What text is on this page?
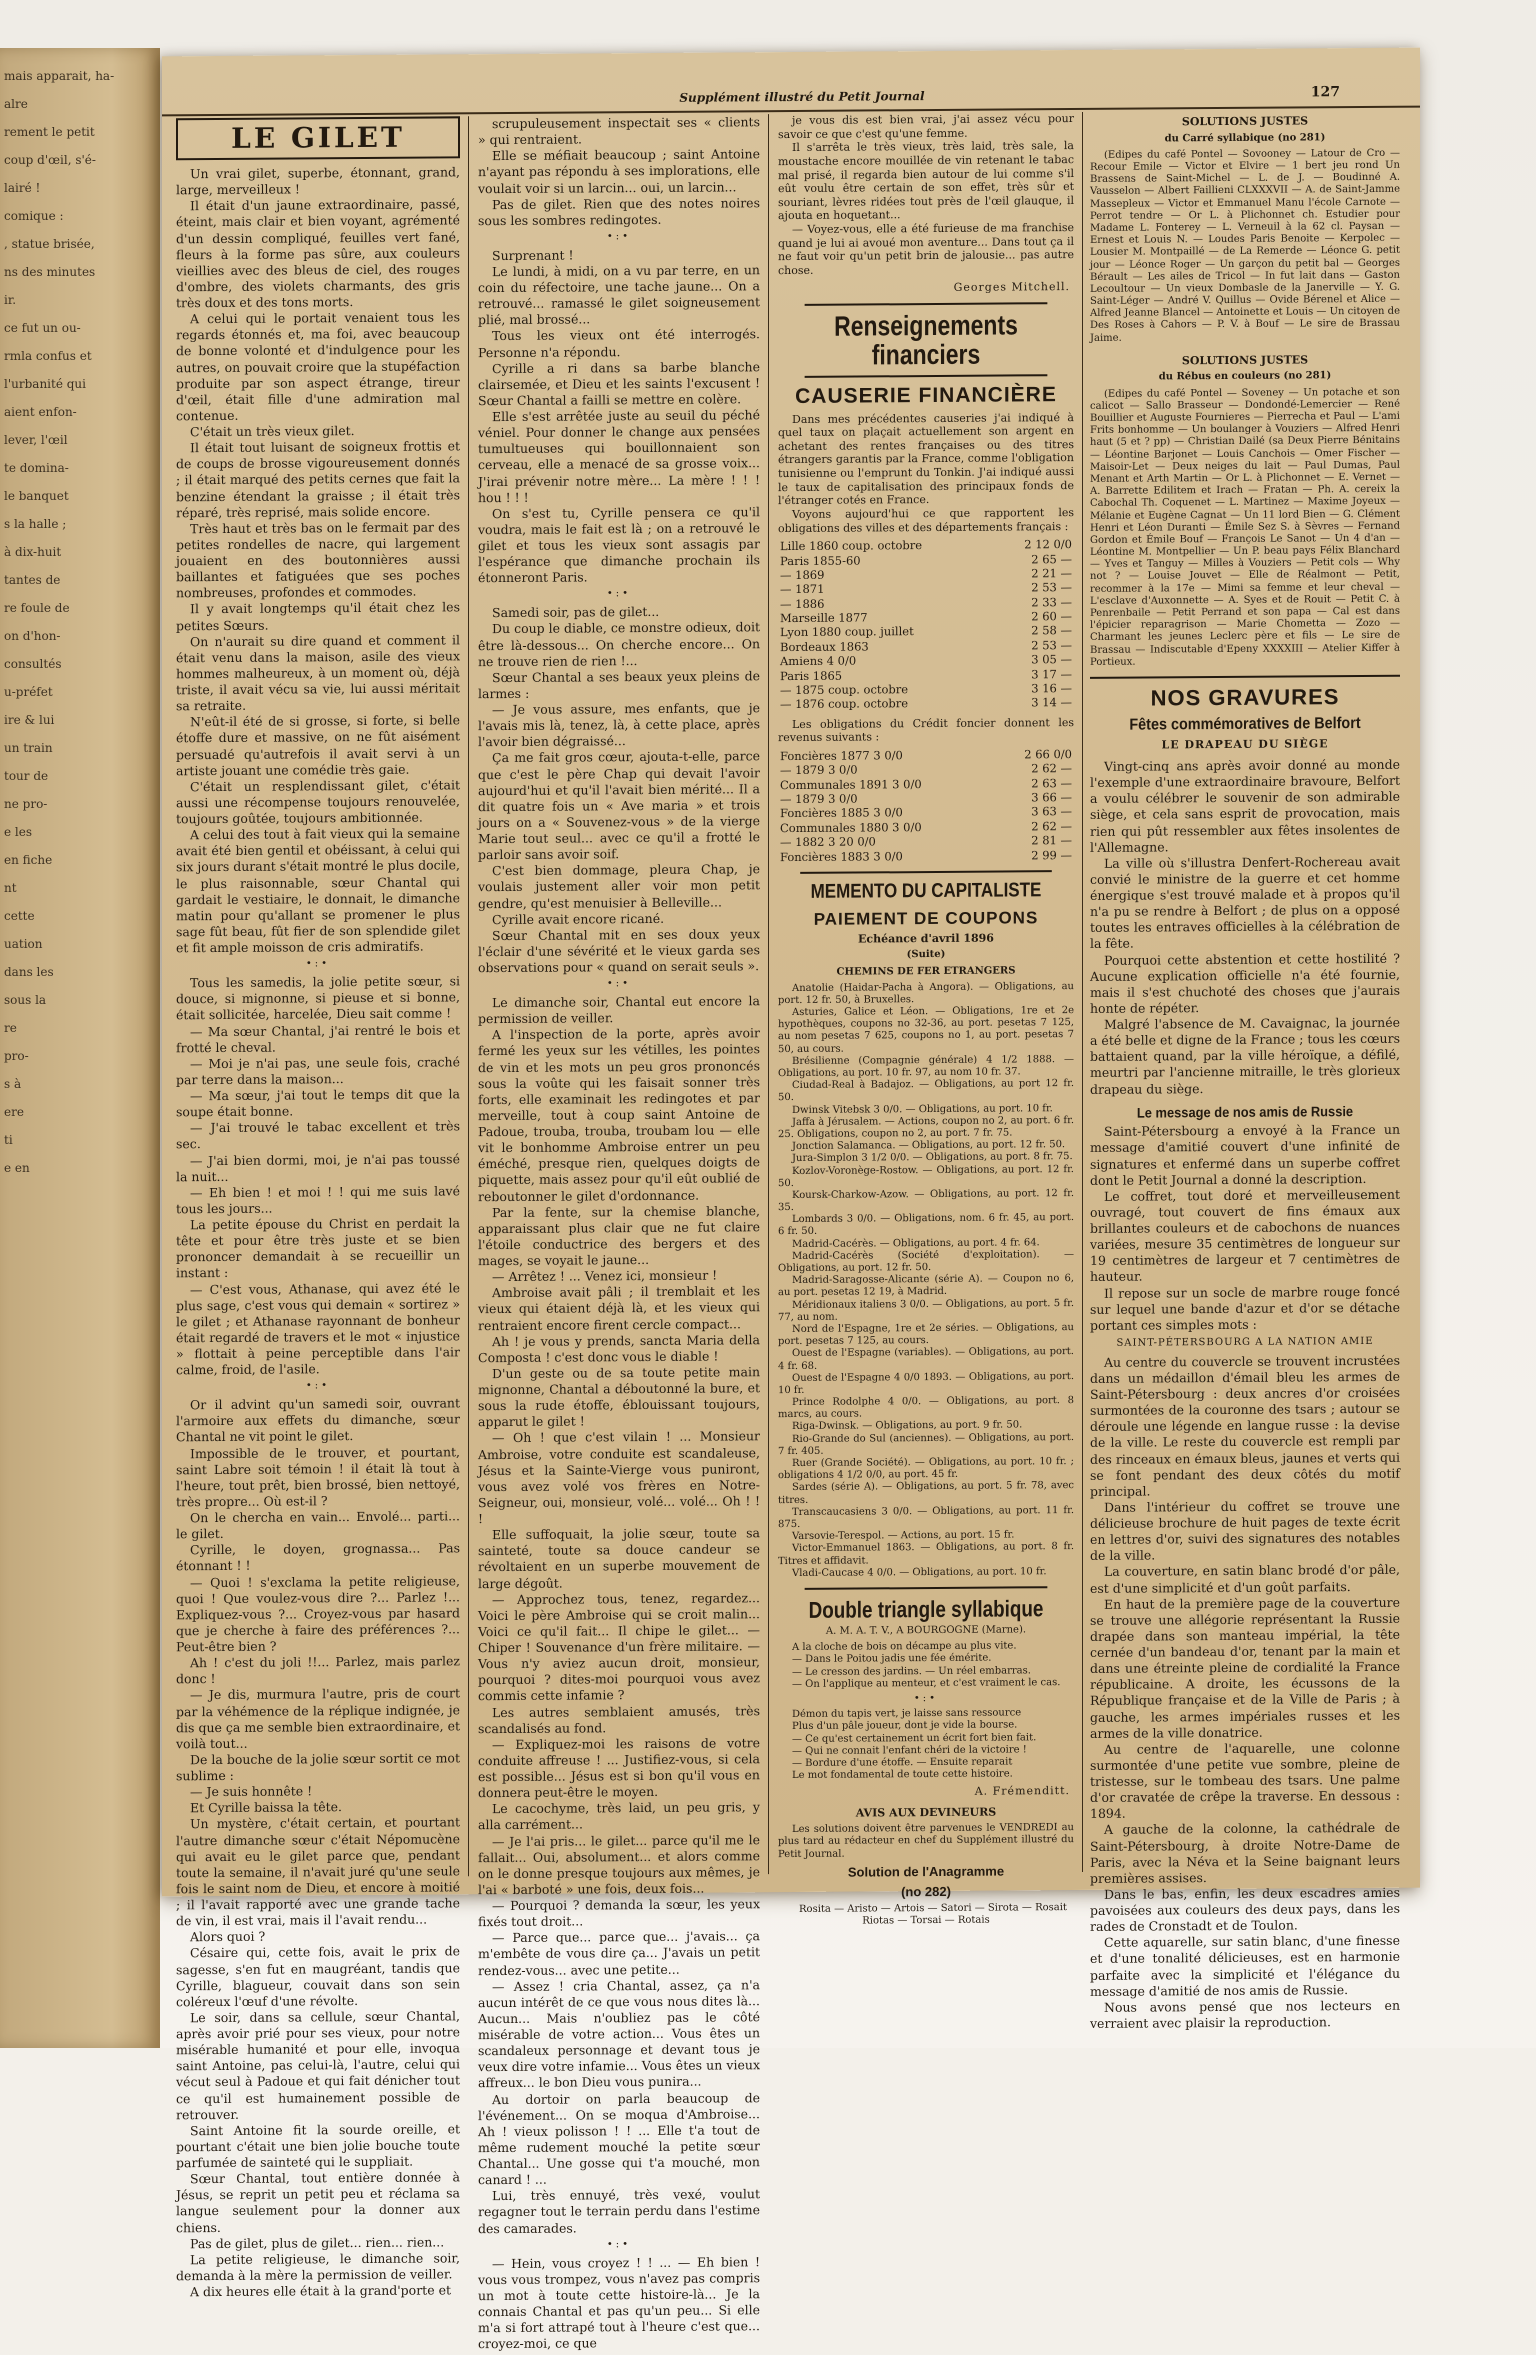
mais apparait, ha-
alre
rement le petit
coup d'œil, s'é-
lairé !
comique :
, statue brisée,
ns des minutes
ir.
ce fut un ou-
rmla confus et
l'urbanité qui
aient enfon-
lever, l'œil
te domina-
le banquet
s la halle ;
à dix-huit
tantes de
re foule de
on d'hon-
consultés
u-préfet
ire & lui
un train
tour de
ne pro-
e les
en fiche
nt
cette
uation
dans les
sous la
re
pro-
s à
ere
ti
e en
Supplément illustré du Petit Journal	127
LE GILET

Un vrai gilet, superbe, étonnant, grand, large, merveilleux !

Il était d'un jaune extraordinaire, passé, éteint, mais clair et bien voyant, agrémenté d'un dessin compliqué, feuilles vert fané, fleurs à la forme pas sûre, aux couleurs vieillies avec des bleus de ciel, des rouges d'ombre, des violets charmants, des gris très doux et des tons morts.

A celui qui le portait venaient tous les regards étonnés et, ma foi, avec beaucoup de bonne volonté et d'indulgence pour les autres, on pouvait croire que la stupéfaction produite par son aspect étrange, tireur d'œil, était fille d'une admiration mal contenue.

C'était un très vieux gilet.

Il était tout luisant de soigneux frottis et de coups de brosse vigoureusement donnés ; il était marqué des petits cernes que fait la benzine étendant la graisse ; il était très réparé, très reprisé, mais solide encore.

Très haut et très bas on le fermait par des petites rondelles de nacre, qui largement jouaient en des boutonnières aussi baillantes et fatiguées que ses poches nombreuses, profondes et commodes.

Il y avait longtemps qu'il était chez les petites Sœurs.

On n'aurait su dire quand et comment il était venu dans la maison, asile des vieux hommes malheureux, à un moment où, déjà triste, il avait vécu sa vie, lui aussi méritait sa retraite.

N'eût-il été de si grosse, si forte, si belle étoffe dure et massive, on ne fût aisément persuadé qu'autrefois il avait servi à un artiste jouant une comédie très gaie.

C'était un resplendissant gilet, c'était aussi une récompense toujours renouvelée, toujours goûtée, toujours ambitionnée.

A celui des tout à fait vieux qui la semaine avait été bien gentil et obéissant, à celui qui six jours durant s'était montré le plus docile, le plus raisonnable, sœur Chantal qui gardait le vestiaire, le donnait, le dimanche matin pour qu'allant se promener le plus sage fût beau, fût fier de son splendide gilet et fit ample moisson de cris admiratifs.

•:•

Tous les samedis, la jolie petite sœur, si douce, si mignonne, si pieuse et si bonne, était sollicitée, harcelée, Dieu sait comme !

— Ma sœur Chantal, j'ai rentré le bois et frotté le cheval.

— Moi je n'ai pas, une seule fois, craché par terre dans la maison...

— Ma sœur, j'ai tout le temps dit que la soupe était bonne.

— J'ai trouvé le tabac excellent et très sec.

— J'ai bien dormi, moi, je n'ai pas toussé la nuit...

— Eh bien ! et moi ! ! qui me suis lavé tous les jours...

La petite épouse du Christ en perdait la tête et pour être très juste et se bien prononcer demandait à se recueillir un instant :

— C'est vous, Athanase, qui avez été le plus sage, c'est vous qui demain « sortirez » le gilet ; et Athanase rayonnant de bonheur était regardé de travers et le mot « injustice » flottait à peine perceptible dans l'air calme, froid, de l'asile.

•:•

Or il advint qu'un samedi soir, ouvrant l'armoire aux effets du dimanche, sœur Chantal ne vit point le gilet.

Impossible de le trouver, et pourtant, saint Labre soit témoin ! il était là tout à l'heure, tout prêt, bien brossé, bien nettoyé, très propre... Où est-il ?

On le chercha en vain... Envolé... parti... le gilet.

Cyrille, le doyen, grognassa... Pas étonnant ! !

— Quoi ! s'exclama la petite religieuse, quoi ! Que voulez-vous dire ?... Parlez !... Expliquez-vous ?... Croyez-vous par hasard que je cherche à faire des préférences ?... Peut-être bien ?

Ah ! c'est du joli !!... Parlez, mais parlez donc !

— Je dis, murmura l'autre, pris de court par la véhémence de la réplique indignée, je dis que ça me semble bien extraordinaire, et voilà tout...

De la bouche de la jolie sœur sortit ce mot sublime :

— Je suis honnête !

Et Cyrille baissa la tête.

Un mystère, c'était certain, et pourtant l'autre dimanche sœur c'était Népomucène qui avait eu le gilet parce que, pendant toute la semaine, il n'avait juré qu'une seule fois le saint nom de Dieu, et encore à moitié ; il l'avait rapporté avec une grande tache de vin, il est vrai, mais il l'avait rendu...

Alors quoi ?

Césaire qui, cette fois, avait le prix de sagesse, s'en fut en maugréant, tandis que Cyrille, blagueur, couvait dans son sein coléreux l'œuf d'une révolte.

Le soir, dans sa cellule, sœur Chantal, après avoir prié pour ses vieux, pour notre misérable humanité et pour elle, invoqua saint Antoine, pas celui-là, l'autre, celui qui vécut seul à Padoue et qui fait dénicher tout ce qu'il est humainement possible de retrouver.

Saint Antoine fit la sourde oreille, et pourtant c'était une bien jolie bouche toute parfumée de sainteté qui le suppliait.

Sœur Chantal, tout entière donnée à Jésus, se reprit un petit peu et réclama sa langue seulement pour la donner aux chiens.

Pas de gilet, plus de gilet... rien... rien...

La petite religieuse, le dimanche soir, demanda à la mère la permission de veiller.

A dix heures elle était à la grand'porte et

scrupuleusement inspectait ses « clients » qui rentraient.

Elle se méfiait beaucoup ; saint Antoine n'ayant pas répondu à ses implorations, elle voulait voir si un larcin... oui, un larcin...

Pas de gilet. Rien que des notes noires sous les sombres redingotes.

•:•

Surprenant !

Le lundi, à midi, on a vu par terre, en un coin du réfectoire, une tache jaune... On a retrouvé... ramassé le gilet soigneusement plié, mal brossé...

Tous les vieux ont été interrogés. Personne n'a répondu.

Cyrille a ri dans sa barbe blanche clairsemée, et Dieu et les saints l'excusent ! Sœur Chantal a failli se mettre en colère.

Elle s'est arrêtée juste au seuil du péché véniel. Pour donner le change aux pensées tumultueuses qui bouillonnaient son cerveau, elle a menacé de sa grosse voix... J'irai prévenir notre mère... La mère ! ! ! hou ! ! !

On s'est tu, Cyrille pensera ce qu'il voudra, mais le fait est là ; on a retrouvé le gilet et tous les vieux sont assagis par l'espérance que dimanche prochain ils étonneront Paris.

•:•

Samedi soir, pas de gilet...

Du coup le diable, ce monstre odieux, doit être là-dessous... On cherche encore... On ne trouve rien de rien !...

Sœur Chantal a ses beaux yeux pleins de larmes :

— Je vous assure, mes enfants, que je l'avais mis là, tenez, là, à cette place, après l'avoir bien dégraissé...

Ça me fait gros cœur, ajouta-t-elle, parce que c'est le père Chap qui devait l'avoir aujourd'hui et qu'il l'avait bien mérité... Il a dit quatre fois un « Ave maria » et trois jours on a « Souvenez-vous » de la vierge Marie tout seul... avec ce qu'il a frotté le parloir sans avoir soif.

C'est bien dommage, pleura Chap, je voulais justement aller voir mon petit gendre, qu'est menuisier à Belleville...

Cyrille avait encore ricané.

Sœur Chantal mit en ses doux yeux l'éclair d'une sévérité et le vieux garda ses observations pour « quand on serait seuls ».

•:•

Le dimanche soir, Chantal eut encore la permission de veiller.

A l'inspection de la porte, après avoir fermé les yeux sur les vétilles, les pointes de vin et les mots un peu gros prononcés sous la voûte qui les faisait sonner très forts, elle examinait les redingotes et par merveille, tout à coup saint Antoine de Padoue, trouba, trouba, troubam lou — elle vit le bonhomme Ambroise entrer un peu éméché, presque rien, quelques doigts de piquette, mais assez pour qu'il eût oublié de reboutonner le gilet d'ordonnance.

Par la fente, sur la chemise blanche, apparaissant plus clair que ne fut claire l'étoile conductrice des bergers et des mages, se voyait le jaune...

— Arrêtez ! ... Venez ici, monsieur !

Ambroise avait pâli ; il tremblait et les vieux qui étaient déjà là, et les vieux qui rentraient encore firent cercle compact...

Ah ! je vous y prends, sancta Maria della Composta ! c'est donc vous le diable !

D'un geste ou de sa toute petite main mignonne, Chantal a déboutonné la bure, et sous la rude étoffe, éblouissant toujours, apparut le gilet !

— Oh ! que c'est vilain ! ... Monsieur Ambroise, votre conduite est scandaleuse, Jésus et la Sainte-Vierge vous puniront, vous avez volé vos frères en Notre-Seigneur, oui, monsieur, volé... volé... Oh ! ! !

Elle suffoquait, la jolie sœur, toute sa sainteté, toute sa douce candeur se révoltaient en un superbe mouvement de large dégoût.

— Approchez tous, tenez, regardez... Voici le père Ambroise qui se croit malin... Voici ce qu'il fait... Il chipe le gilet... — Chiper ! Souvenance d'un frère militaire. — Vous n'y aviez aucun droit, monsieur, pourquoi ? dites-moi pourquoi vous avez commis cette infamie ?

Les autres semblaient amusés, très scandalisés au fond.

— Expliquez-moi les raisons de votre conduite affreuse ! ... Justifiez-vous, si cela est possible... Jésus est si bon qu'il vous en donnera peut-être le moyen.

Le cacochyme, très laid, un peu gris, y alla carrément...

— Je l'ai pris... le gilet... parce qu'il me le fallait... Oui, absolument... et alors comme on le donne presque toujours aux mêmes, je l'ai « barboté » une fois, deux fois...

— Pourquoi ? demanda la sœur, les yeux fixés tout droit...

— Parce que... parce que... j'avais... ça m'embête de vous dire ça... J'avais un petit rendez-vous... avec une petite...

— Assez ! cria Chantal, assez, ça n'a aucun intérêt de ce que vous nous dites là... Aucun... Mais n'oubliez pas le côté misérable de votre action... Vous êtes un scandaleux personnage et devant tous je veux dire votre infamie... Vous êtes un vieux affreux... le bon Dieu vous punira...

Au dortoir on parla beaucoup de l'événement... On se moqua d'Ambroise... Ah ! vieux polisson ! ! ... Elle t'a tout de même rudement mouché la petite sœur Chantal... Une gosse qui t'a mouché, mon canard ! ...

Lui, très ennuyé, très vexé, voulut regagner tout le terrain perdu dans l'estime des camarades.

•:•

— Hein, vous croyez ! ! ... — Eh bien ! vous vous trompez, vous n'avez pas compris un mot à toute cette histoire-là... Je la connais Chantal et pas qu'un peu... Si elle m'a si fort attrapé tout à l'heure c'est que... croyez-moi, ce que

je vous dis est bien vrai, j'ai assez vécu pour savoir ce que c'est qu'une femme.

Il s'arrêta le très vieux, très laid, très sale, la moustache encore mouillée de vin retenant le tabac mal prisé, il regarda bien autour de lui comme s'il eût voulu être certain de son effet, très sûr et souriant, lèvres ridées tout près de l'œil glauque, il ajouta en hoquetant...

— Voyez-vous, elle a été furieuse de ma franchise quand je lui ai avoué mon aventure... Dans tout ça il ne faut voir qu'un petit brin de jalousie... pas autre chose.

Georges Mitchell.
Renseignements financiers
CAUSERIE FINANCIÈRE

Dans mes précédentes causeries j'ai indiqué à quel taux on plaçait actuellement son argent en achetant des rentes françaises ou des titres étrangers garantis par la France, comme l'obligation tunisienne ou l'emprunt du Tonkin. J'ai indiqué aussi le taux de capitalisation des principaux fonds de l'étranger cotés en France.

Voyons aujourd'hui ce que rapportent les obligations des villes et des départements français :

Lille 1860 coup. octobre	2 12 0/0
Paris 1855-60	2 65 —
— 1869	2 21 —
— 1871	2 53 —
— 1886	2 33 —
Marseille 1877	2 60 —
Lyon 1880 coup. juillet	2 58 —
Bordeaux 1863	2 53 —
Amiens 4 0/0	3 05 —
Paris 1865	3 17 —
— 1875 coup. octobre	3 16 —
— 1876 coup. octobre	3 14 —

Les obligations du Crédit foncier donnent les revenus suivants :

Foncières 1877 3 0/0	2 66 0/0
— 1879 3 0/0	2 62 —
Communales 1891 3 0/0	2 63 —
— 1879 3 0/0	3 66 —
Foncières 1885 3 0/0	3 63 —
Communales 1880 3 0/0	2 62 —
— 1882 3 20 0/0	2 81 —
Foncières 1883 3 0/0	2 99 —
MEMENTO DU CAPITALISTE
PAIEMENT DE COUPONS
Echéance d'avril 1896
(Suite)
CHEMINS DE FER ETRANGERS

Anatolie (Haidar-Pacha à Angora). — Obligations, au port. 12 fr. 50, à Bruxelles.

Asturies, Galice et Léon. — Obligations, 1re et 2e hypothèques, coupons no 32-36, au port. pesetas 7 125, au nom pesetas 7 625, coupons no 1, au port. pesetas 7 50, au cours.

Brésilienne (Compagnie générale) 4 1/2 1888. — Obligations, au port. 10 fr. 97, au nom 10 fr. 37.

Ciudad-Real à Badajoz. — Obligations, au port 12 fr. 50.

Dwinsk Vitebsk 3 0/0. — Obligations, au port. 10 fr.

Jaffa à Jérusalem. — Actions, coupon no 2, au port. 6 fr. 25. Obligations, coupon no 2, au port. 7 fr. 75.

Jonction Salamanca. — Obligations, au port. 12 fr. 50.

Jura-Simplon 3 1/2 0/0. — Obligations, au port. 8 fr. 75.

Kozlov-Voronège-Rostow. — Obligations, au port. 12 fr. 50.

Koursk-Charkow-Azow. — Obligations, au port. 12 fr. 35.

Lombards 3 0/0. — Obligations, nom. 6 fr. 45, au port. 6 fr. 50.

Madrid-Cacérès. — Obligations, au port. 4 fr. 64.

Madrid-Cacérès (Société d'exploitation). — Obligations, au port. 12 fr. 50.

Madrid-Saragosse-Alicante (série A). — Coupon no 6, au port. pesetas 12 19, à Madrid.

Méridionaux italiens 3 0/0. — Obligations, au port. 5 fr. 77, au nom.

Nord de l'Espagne, 1re et 2e séries. — Obligations, au port. pesetas 7 125, au cours.

Ouest de l'Espagne (variables). — Obligations, au port. 4 fr. 68.

Ouest de l'Espagne 4 0/0 1893. — Obligations, au port. 10 fr.

Prince Rodolphe 4 0/0. — Obligations, au port. 8 marcs, au cours.

Riga-Dwinsk. — Obligations, au port. 9 fr. 50.

Rio-Grande do Sul (anciennes). — Obligations, au port. 7 fr. 405.

Ruer (Grande Société). — Obligations, au port. 10 fr. ; obligations 4 1/2 0/0, au port. 45 fr.

Sardes (série A). — Obligations, au port. 5 fr. 78, avec titres.

Transcaucasiens 3 0/0. — Obligations, au port. 11 fr. 875.

Varsovie-Terespol. — Actions, au port. 15 fr.

Victor-Emmanuel 1863. — Obligations, au port. 8 fr. Titres et affidavit.

Vladi-Caucase 4 0/0. — Obligations, au port. 10 fr.

Double triangle syllabique
A. M. A. T. V., A BOURGOGNE (Marne).

A la cloche de bois on décampe au plus vite.

— Dans le Poitou jadis une fée émérite.

— Le cresson des jardins. — Un réel embarras.

— On l'applique au menteur, et c'est vraiment le cas.

•:•

Démon du tapis vert, je laisse sans ressource

Plus d'un pâle joueur, dont je vide la bourse.

— Ce qu'est certainement un écrit fort bien fait.

— Qui ne connait l'enfant chéri de la victoire !

— Bordure d'une étoffe. — Ensuite reparait

Le mot fondamental de toute cette histoire.

A. Frémenditt.
AVIS AUX DEVINEURS

Les solutions doivent être parvenues le VENDREDI au plus tard au rédacteur en chef du Supplément illustré du Petit Journal.

Solution de l'Anagramme
(no 282)

Rosita — Aristo — Artois — Satori — Sirota — Rosait Riotas — Torsai — Rotais

SOLUTIONS JUSTES
du Carré syllabique (no 281)

(Edipes du café Pontel — Sovooney — Latour de Cro — Recour Emile — Victor et Elvire — 1 bert jeu rond Un Brassens de Saint-Michel — L. de J. — Boudinné A. Vausselon — Albert Faillieni CLXXXVII — A. de Saint-Jamme Massepleux — Victor et Emmanuel Manu l'école Carnote — Perrot tendre — Or L. à Plichonnet ch. Estudier pour Madame L. Fonterey — L. Verneuil à la 62 cl. Paysan — Ernest et Louis N. — Loudes Paris Benoite — Kerpolec — Lousier M. Montpaillé — de La Remerde — Léonce G. petit jour — Léonce Roger — Un garçon du petit bal — Georges Bérault — Les ailes de Tricol — In fut lait dans — Gaston Lecoultour — Un vieux Dombasle de la Janerville — Y. G. Saint-Léger — André V. Quillus — Ovide Bérenel et Alice — Alfred Jeanne Blancel — Antoinette et Louis — Un citoyen de Des Roses à Cahors — P. V. à Bouf — Le sire de Brassau Jaime.

SOLUTIONS JUSTES
du Rébus en couleurs (no 281)

(Edipes du café Pontel — Soveney — Un potache et son calicot — Sallo Brasseur — Dondondé-Lemercier — René Bouillier et Auguste Fournieres — Pierrecha et Paul — L'ami Frits bonhomme — Un boulanger à Vouziers — Alfred Henri haut (5 et ? pp) — Christian Dailé (sa Deux Pierre Bénitains — Léontine Barjonet — Louis Canchois — Omer Fischer — Maisoir-Let — Deux neiges du lait — Paul Dumas, Paul Menant et Arth Martin — Or L. à Plichonnet — E. Vernet — A. Barrette Edilitem et Irach — Fratan — Ph. A. cereix la Cabochal Th. Coquenet — L. Martinez — Maxime Joyeux — Mélanie et Eugène Cagnat — Un 11 lord Bien — G. Clément Henri et Léon Duranti — Émile Sez S. à Sèvres — Fernand Gordon et Émile Bouf — François Le Sanot — Un 4 d'an — Léontine M. Montpellier — Un P. beau pays Félix Blanchard — Yves et Tanguy — Milles à Vouziers — Petit cols — Why not ? — Louise Jouvet — Elle de Réalmont — Petit, recommer à la 17e — Mimi sa femme et leur cheval — L'esclave d'Auxonnette — A. Syes et de Rouit — Petit C. à Penrenbaile — Petit Perrand et son papa — Cal est dans l'épicier reparagrison — Marie Chometta — Zozo — Charmant les jeunes Leclerc père et fils — Le sire de Brassau — Indiscutable d'Epeny XXXXIII — Atelier Kiffer à Portieux.

NOS GRAVURES
Fêtes commémoratives de Belfort
LE DRAPEAU DU SIÈGE

Vingt-cinq ans après avoir donné au monde l'exemple d'une extraordinaire bravoure, Belfort a voulu célébrer le souvenir de son admirable siège, et cela sans esprit de provocation, mais rien qui pût ressembler aux fêtes insolentes de l'Allemagne.

La ville où s'illustra Denfert-Rochereau avait convié le ministre de la guerre et cet homme énergique s'est trouvé malade et à propos qu'il n'a pu se rendre à Belfort ; de plus on a opposé toutes les entraves officielles à la célébration de la fête.

Pourquoi cette abstention et cette hostilité ? Aucune explication officielle n'a été fournie, mais il s'est chuchoté des choses que j'aurais honte de répéter.

Malgré l'absence de M. Cavaignac, la journée a été belle et digne de la France ; tous les cœurs battaient quand, par la ville héroïque, a défilé, meurtri par l'ancienne mitraille, le très glorieux drapeau du siège.

Le message de nos amis de Russie

Saint-Pétersbourg a envoyé à la France un message d'amitié couvert d'une infinité de signatures et enfermé dans un superbe coffret dont le Petit Journal a donné la description.

Le coffret, tout doré et merveilleusement ouvragé, tout couvert de fins émaux aux brillantes couleurs et de cabochons de nuances variées, mesure 35 centimètres de longueur sur 19 centimètres de largeur et 7 centimètres de hauteur.

Il repose sur un socle de marbre rouge foncé sur lequel une bande d'azur et d'or se détache portant ces simples mots :

SAINT-PÉTERSBOURG A LA NATION AMIE

Au centre du couvercle se trouvent incrustées dans un médaillon d'émail bleu les armes de Saint-Pétersbourg : deux ancres d'or croisées surmontées de la couronne des tsars ; autour se déroule une légende en langue russe : la devise de la ville. Le reste du couvercle est rempli par des rinceaux en émaux bleus, jaunes et verts qui se font pendant des deux côtés du motif principal.

Dans l'intérieur du coffret se trouve une délicieuse brochure de huit pages de texte écrit en lettres d'or, suivi des signatures des notables de la ville.

La couverture, en satin blanc brodé d'or pâle, est d'une simplicité et d'un goût parfaits.

En haut de la première page de la couverture se trouve une allégorie représentant la Russie drapée dans son manteau impérial, la tête cernée d'un bandeau d'or, tenant par la main et dans une étreinte pleine de cordialité la France républicaine. A droite, les écussons de la République française et de la Ville de Paris ; à gauche, les armes impériales russes et les armes de la ville donatrice.

Au centre de l'aquarelle, une colonne surmontée d'une petite vue sombre, pleine de tristesse, sur le tombeau des tsars. Une palme d'or cravatée de crêpe la traverse. En dessous : 1894.

A gauche de la colonne, la cathédrale de Saint-Pétersbourg, à droite Notre-Dame de Paris, avec la Néva et la Seine baignant leurs premières assises.

Dans le bas, enfin, les deux escadres amies pavoisées aux couleurs des deux pays, dans les rades de Cronstadt et de Toulon.

Cette aquarelle, sur satin blanc, d'une finesse et d'une tonalité délicieuses, est en harmonie parfaite avec la simplicité et l'élégance du message d'amitié de nos amis de Russie.

Nous avons pensé que nos lecteurs en verraient avec plaisir la reproduction.
